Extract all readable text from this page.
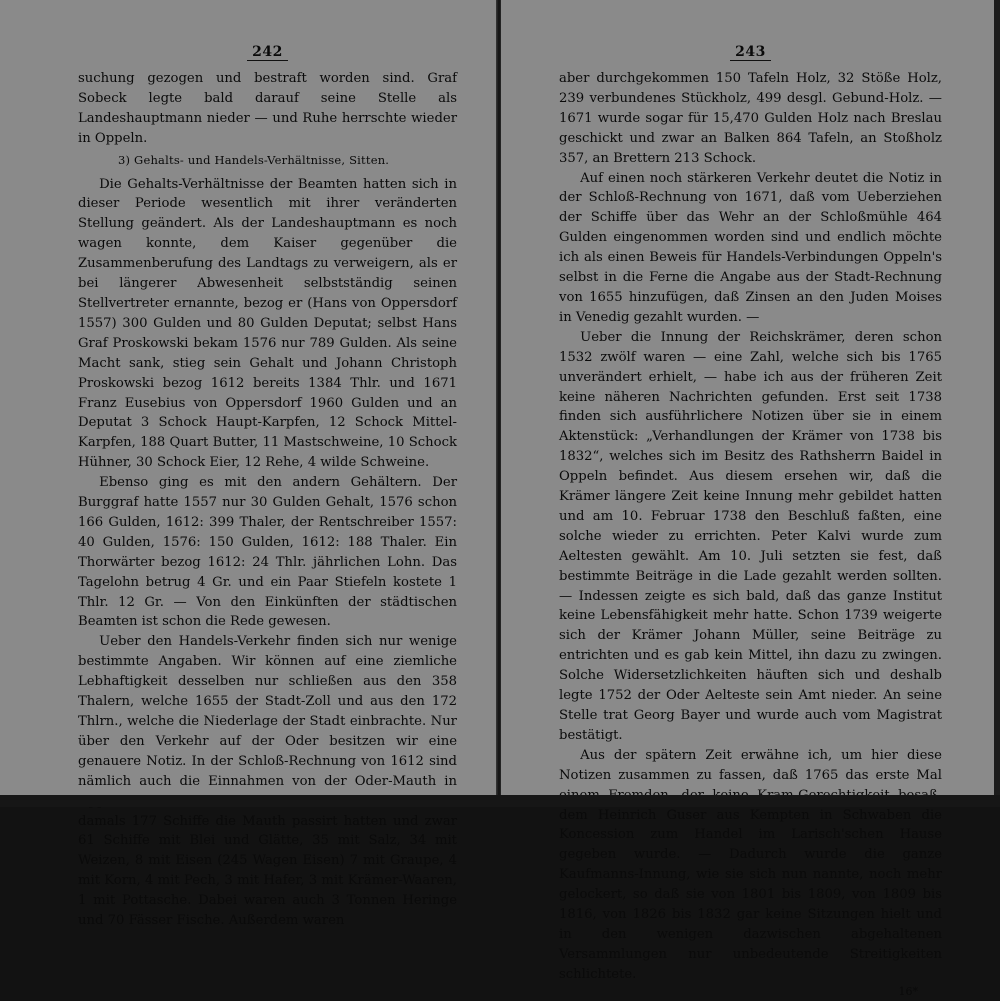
242

suchung gezogen und bestraft worden sind. Graf Sobeck legte bald darauf seine Stelle als Landeshauptmann nieder — und Ruhe herrschte wieder in Oppeln.

3) Gehalts- und Handels-Verhältnisse, Sitten.

Die Gehalts-Verhältnisse der Beamten hatten sich in dieser Periode wesentlich mit ihrer veränderten Stellung geändert. Als der Landeshauptmann es noch wagen konnte, dem Kaiser gegenüber die Zusammenberufung des Landtags zu verweigern, als er bei längerer Abwesenheit selbstständig seinen Stellvertreter ernannte, bezog er (Hans von Oppersdorf 1557) 300 Gulden und 80 Gulden Deputat; selbst Hans Graf Proskowski bekam 1576 nur 789 Gulden. Als seine Macht sank, stieg sein Gehalt und Johann Christoph Proskowski bezog 1612 bereits 1384 Thlr. und 1671 Franz Eusebius von Oppersdorf 1960 Gulden und an Deputat 3 Schock Haupt-Karpfen, 12 Schock Mittel-Karpfen, 188 Quart Butter, 11 Mastschweine, 10 Schock Hühner, 30 Schock Eier, 12 Rehe, 4 wilde Schweine.

Ebenso ging es mit den andern Gehältern. Der Burggraf hatte 1557 nur 30 Gulden Gehalt, 1576 schon 166 Gulden, 1612: 399 Thaler, der Rentschreiber 1557: 40 Gulden, 1576: 150 Gulden, 1612: 188 Thaler. Ein Thorwärter bezog 1612: 24 Thlr. jährlichen Lohn. Das Tagelohn betrug 4 Gr. und ein Paar Stiefeln kostete 1 Thlr. 12 Gr. — Von den Einkünften der städtischen Beamten ist schon die Rede gewesen.

Ueber den Handels-Verkehr finden sich nur wenige bestimmte Angaben. Wir können auf eine ziemliche Lebhaftigkeit desselben nur schließen aus den 358 Thalern, welche 1655 der Stadt-Zoll und aus den 172 Thlrn., welche die Niederlage der Stadt einbrachte. Nur über den Verkehr auf der Oder besitzen wir eine genauere Notiz. In der Schloß-Rechnung von 1612 sind nämlich auch die Einnahmen von der Oder-Mauth in damals 177 Schiffe die Mauth passirt hatten und zwar 61 Schiffe mit Blei und Glätte, 35 mit Salz, 34 mit Weizen, 8 mit Eisen (245 Wagen Eisen) 7 mit Graupe, 4 mit Korn, 4 mit Pech, 3 mit Hafer, 3 mit Krämer-Waaren, 1 mit Pottasche. Dabei waren auch 3 Tonnen Heringe und 70 Fässer Fische. Außerdem waren

243

aber durchgekommen 150 Tafeln Holz, 32 Stöße Holz, 239 verbundenes Stückholz, 499 desgl. Gebund-Holz. — 1671 wurde sogar für 15,470 Gulden Holz nach Breslau geschickt und zwar an Balken 864 Tafeln, an Stoßholz 357, an Brettern 213 Schock.

Auf einen noch stärkeren Verkehr deutet die Notiz in der Schloß-Rechnung von 1671, daß vom Ueberziehen der Schiffe über das Wehr an der Schloßmühle 464 Gulden eingenommen worden sind und endlich möchte ich als einen Beweis für Handels-Verbindungen Oppeln's selbst in die Ferne die Angabe aus der Stadt-Rechnung von 1655 hinzufügen, daß Zinsen an den Juden Moises in Venedig gezahlt wurden. —

Ueber die Innung der Reichskrämer, deren schon 1532 zwölf waren — eine Zahl, welche sich bis 1765 unverändert erhielt, — habe ich aus der früheren Zeit keine näheren Nachrichten gefunden. Erst seit 1738 finden sich ausführlichere Notizen über sie in einem Aktenstück: „Verhandlungen der Krämer von 1738 bis 1832“, welches sich im Besitz des Rathsherrn Baidel in Oppeln befindet. Aus diesem ersehen wir, daß die Krämer längere Zeit keine Innung mehr gebildet hatten und am 10. Februar 1738 den Beschluß faßten, eine solche wieder zu errichten. Peter Kalvi wurde zum Aeltesten gewählt. Am 10. Juli setzten sie fest, daß bestimmte Beiträge in die Lade gezahlt werden sollten. — Indessen zeigte es sich bald, daß das ganze Institut keine Lebensfähigkeit mehr hatte. Schon 1739 weigerte sich der Krämer Johann Müller, seine Beiträge zu entrichten und es gab kein Mittel, ihn dazu zu zwingen. Solche Widersetzlichkeiten häuften sich und deshalb legte 1752 der Oder Aelteste sein Amt nieder. An seine Stelle trat Georg Bayer und wurde auch vom Magistrat bestätigt.

Aus der spätern Zeit erwähne ich, um hier diese Notizen zusammen zu fassen, daß 1765 das erste Mal dem Heinrich Guser aus Kempten in Schwaben die Koncession zum Handel im Larisch'schen Hause gegeben wurde. — Dadurch wurde die ganze Kaufmanns-Innung, wie sie sich nun nannte, noch mehr gelockert, so daß sie von 1801 bis 1809, von 1809 bis 1816, von 1826 bis 1832 gar keine Sitzungen hielt und in den wenigen dazwischen abgehaltenen Versammlungen nur unbedeutende Streitigkeiten schlichtete.

16*
